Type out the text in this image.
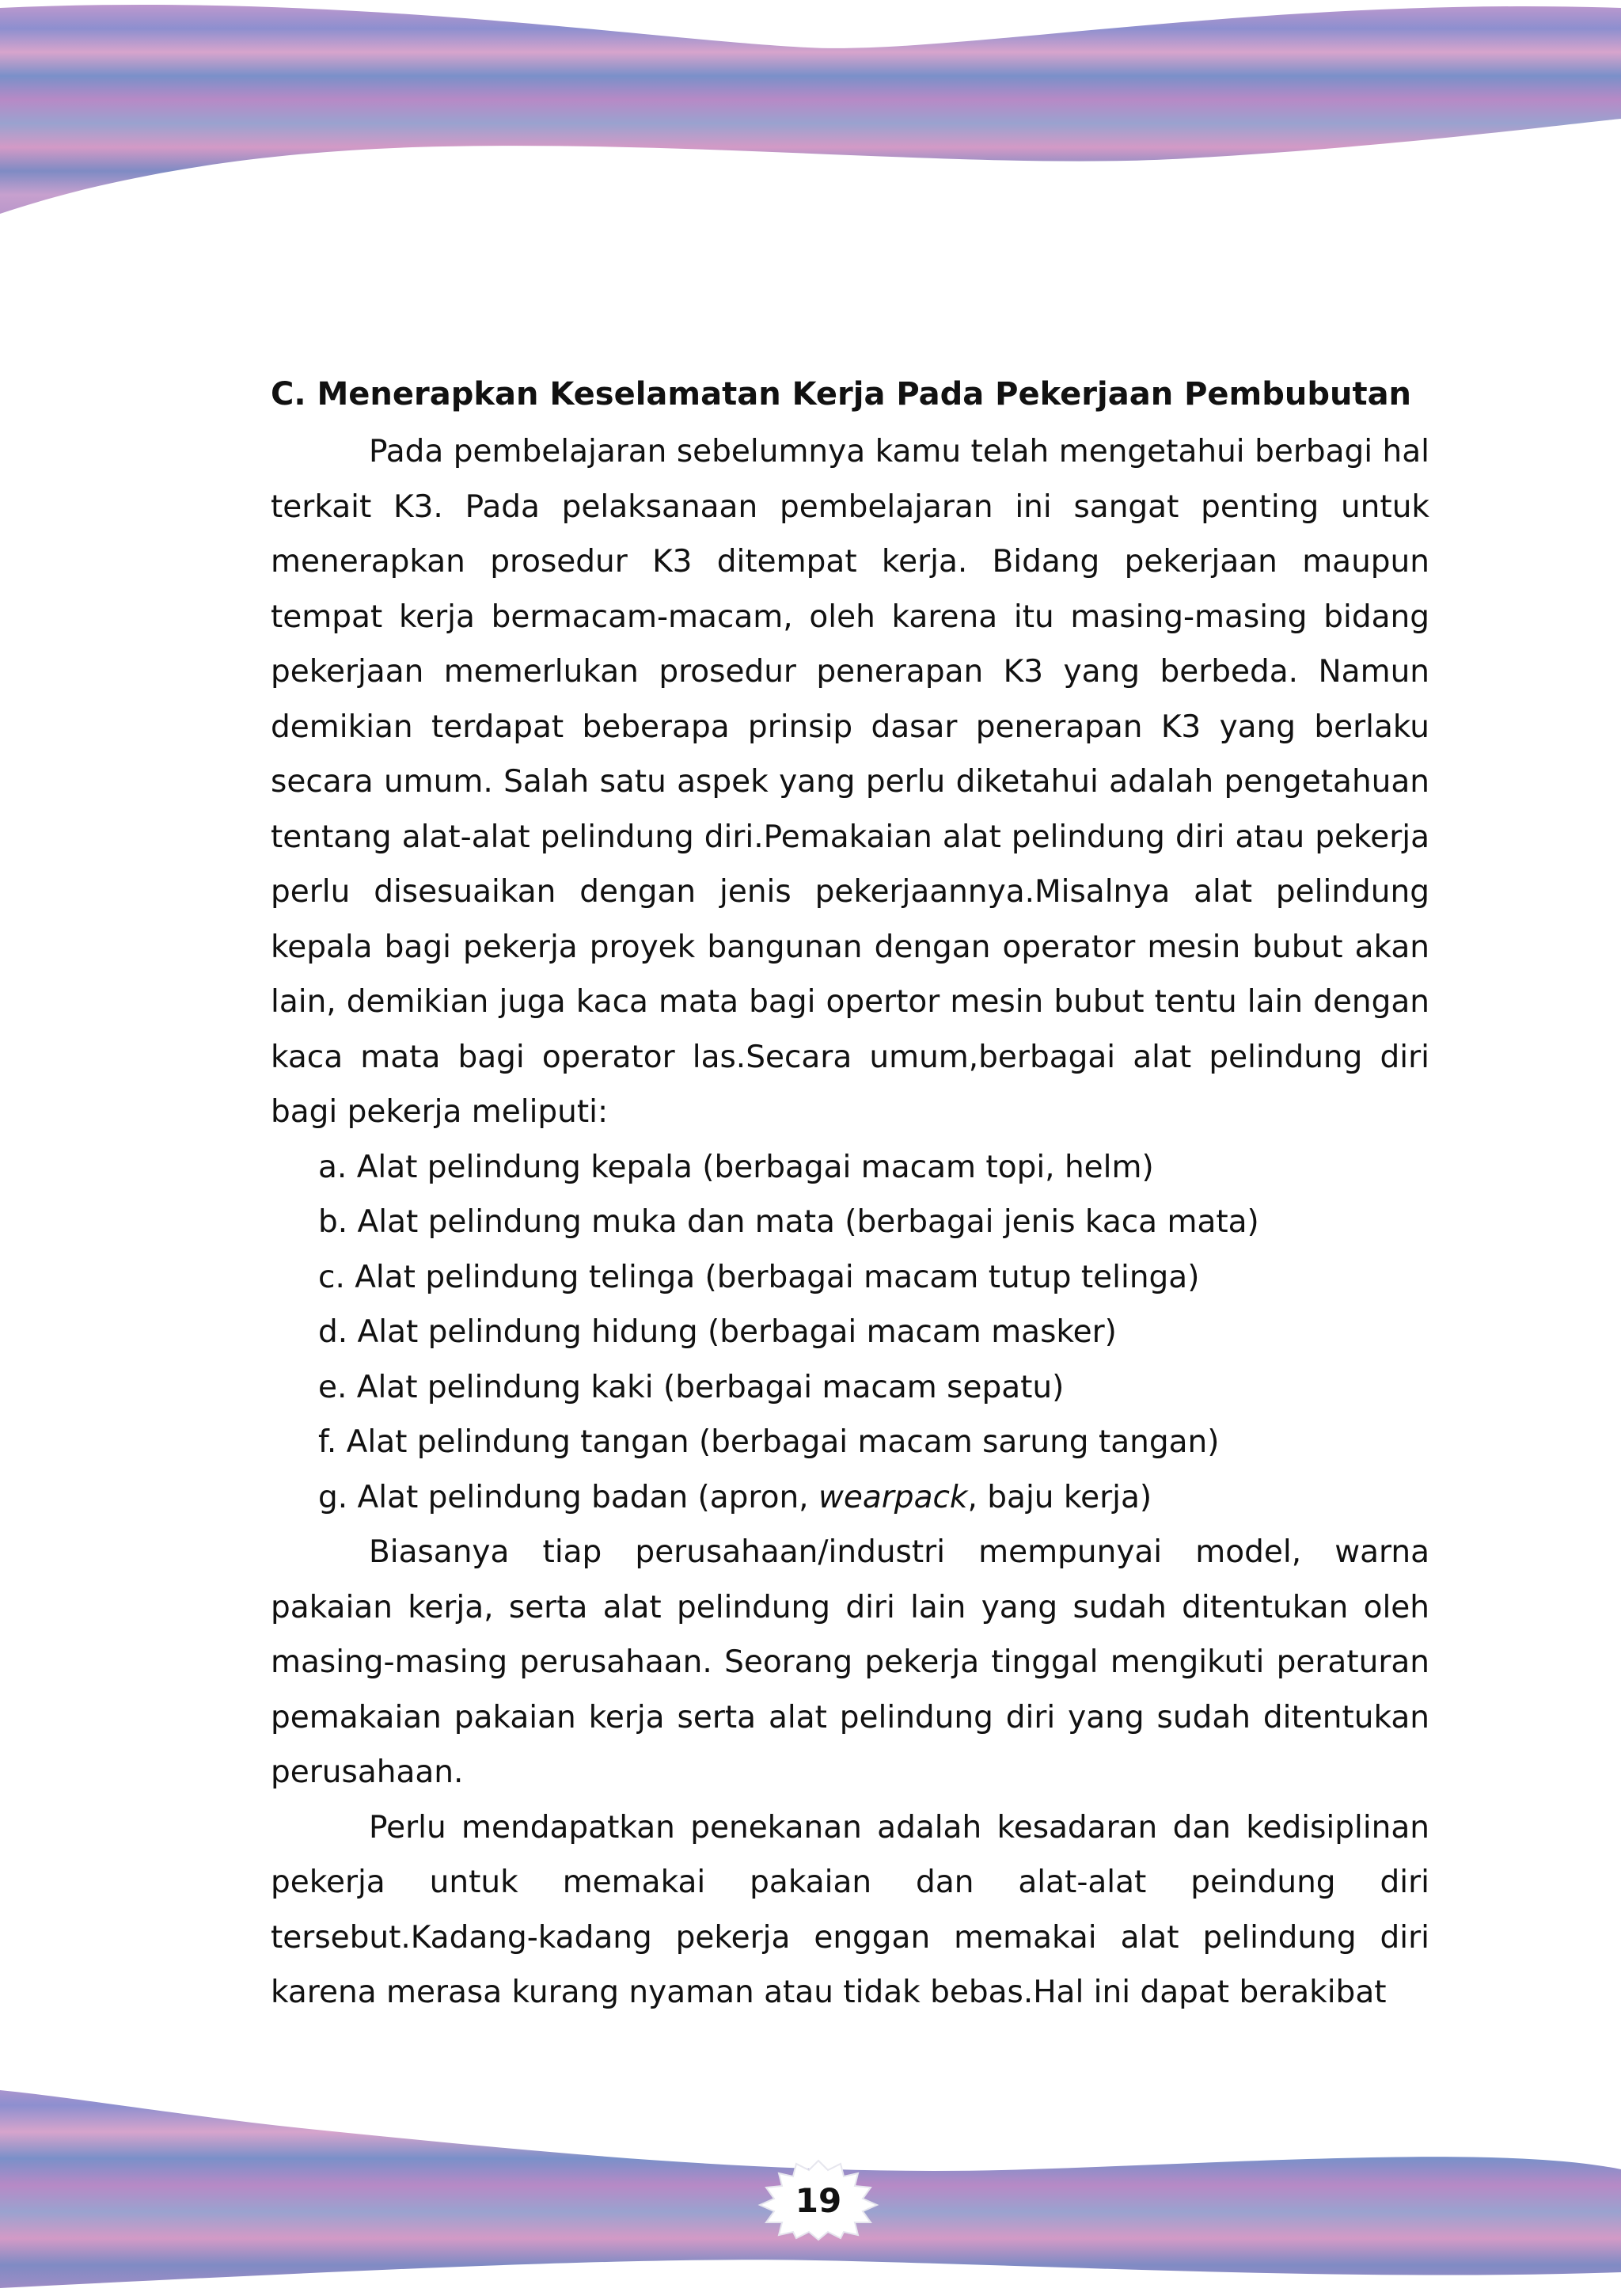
C. Menerapkan Keselamatan Kerja Pada Pekerjaan Pembubutan

Pada pembelajaran sebelumnya kamu telah mengetahui berbagi hal terkait K3. Pada pelaksanaan pembelajaran ini sangat penting untuk menerapkan prosedur K3 ditempat kerja. Bidang pekerjaan maupun tempat kerja bermacam-macam, oleh karena itu masing-masing bidang pekerjaan memerlukan prosedur penerapan K3 yang berbeda. Namun demikian terdapat beberapa prinsip dasar penerapan K3 yang berlaku secara umum. Salah satu aspek yang perlu diketahui adalah pengetahuan tentang alat-alat pelindung diri.Pemakaian alat pelindung diri atau pekerja perlu disesuaikan dengan jenis pekerjaannya.Misalnya alat pelindung kepala bagi pekerja proyek bangunan dengan operator mesin bubut akan lain, demikian juga kaca mata bagi opertor mesin bubut tentu lain dengan kaca mata bagi operator las.Secara umum,berbagai alat pelindung diri bagi pekerja meliputi:

a. Alat pelindung kepala (berbagai macam topi, helm)
b. Alat pelindung muka dan mata (berbagai jenis kaca mata)
c. Alat pelindung telinga (berbagai macam tutup telinga)
d. Alat pelindung hidung (berbagai macam masker)
e. Alat pelindung kaki (berbagai macam sepatu)
f. Alat pelindung tangan (berbagai macam sarung tangan)
g. Alat pelindung badan (apron, wearpack, baju kerja)

Biasanya tiap perusahaan/industri mempunyai model, warna pakaian kerja, serta alat pelindung diri lain yang sudah ditentukan oleh masing-masing perusahaan. Seorang pekerja tinggal mengikuti peraturan pemakaian pakaian kerja serta alat pelindung diri yang sudah ditentukan perusahaan.

Perlu mendapatkan penekanan adalah kesadaran dan kedisiplinan pekerja untuk memakai pakaian dan alat-alat peindung diri tersebut.Kadang-kadang pekerja enggan memakai alat pelindung diri karena merasa kurang nyaman atau tidak bebas.Hal ini dapat berakibat

19
